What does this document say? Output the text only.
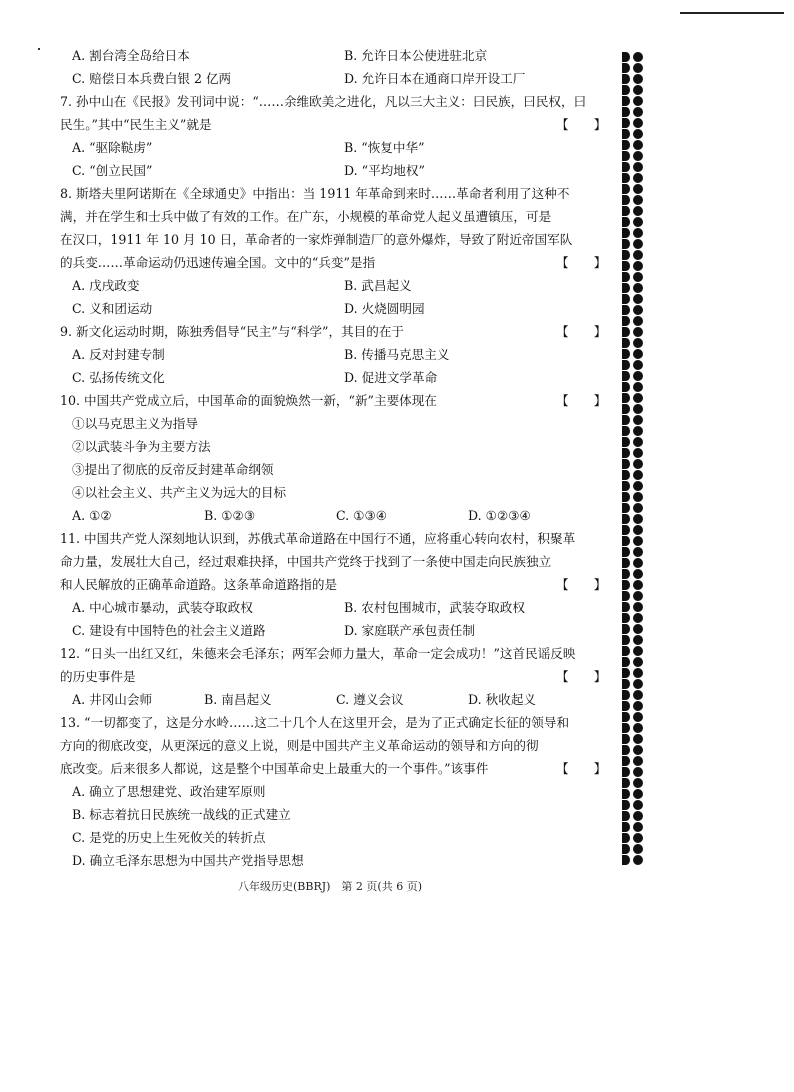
A. 割台湾全岛给日本	B. 允许日本公使进驻北京
C. 赔偿日本兵费白银 2 亿两	D. 允许日本在通商口岸开设工厂
7. 孙中山在《民报》发刊词中说：“……余维欧美之进化，凡以三大主义：曰民族，曰民权，曰
【　　】
民生。”其中“民生主义”就是
A. “驱除鞑虏”	B. “恢复中华”
C. “创立民国”	D. “平均地权”
8. 斯塔夫里阿诺斯在《全球通史》中指出：当 1911 年革命到来时……革命者利用了这种不
满，并在学生和士兵中做了有效的工作。在广东，小规模的革命党人起义虽遭镇压，可是
在汉口，1911 年 10 月 10 日，革命者的一家炸弹制造厂的意外爆炸，导致了附近帝国军队
【　　】
的兵变……革命运动仍迅速传遍全国。文中的“兵变”是指
A. 戊戌政变	B. 武昌起义
C. 义和团运动	D. 火烧圆明园
【　　】
9. 新文化运动时期，陈独秀倡导“民主”与“科学”，其目的在于
A. 反对封建专制	B. 传播马克思主义
C. 弘扬传统文化	D. 促进文学革命
【　　】
10. 中国共产党成立后，中国革命的面貌焕然一新，“新”主要体现在
①以马克思主义为指导
②以武装斗争为主要方法
③提出了彻底的反帝反封建革命纲领
④以社会主义、共产主义为远大的目标
A. ①②	B. ①②③	C. ①③④	D. ①②③④
11. 中国共产党人深刻地认识到，苏俄式革命道路在中国行不通，应将重心转向农村，积聚革
命力量，发展壮大自己，经过艰难抉择，中国共产党终于找到了一条使中国走向民族独立
【　　】
和人民解放的正确革命道路。这条革命道路指的是
A. 中心城市暴动，武装夺取政权	B. 农村包围城市，武装夺取政权
C. 建设有中国特色的社会主义道路	D. 家庭联产承包责任制
12. “日头一出红又红，朱德来会毛泽东；两军会师力量大，革命一定会成功！”这首民谣反映
【　　】
的历史事件是
A. 井冈山会师	B. 南昌起义	C. 遵义会议	D. 秋收起义
13. “一切都变了，这是分水岭……这二十几个人在这里开会，是为了正式确定长征的领导和
方向的彻底改变，从更深远的意义上说，则是中国共产主义革命运动的领导和方向的彻
【　　】
底改变。后来很多人都说，这是整个中国革命史上最重大的一个事件。”该事件
A. 确立了思想建党、政治建军原则
B. 标志着抗日民族统一战线的正式建立
C. 是党的历史上生死攸关的转折点
D. 确立毛泽东思想为中国共产党指导思想
八年级历史(BBRJ)　第 2 页(共 6 页)
